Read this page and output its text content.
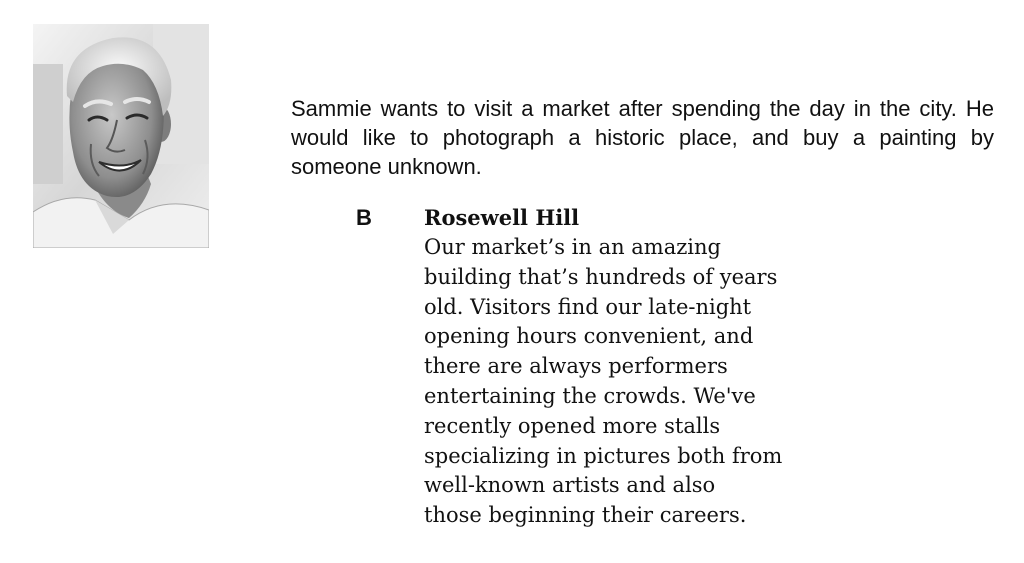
Sammie wants to visit a market after spending the day in the city. He would like to photograph a historic place, and buy a painting by someone unknown.

B Rosewell Hill
Our market’s in an amazing
building that’s hundreds of years
old. Visitors find our late-night
opening hours convenient, and
there are always performers
entertaining the crowds. We've
recently opened more stalls
specializing in pictures both from
well-known artists and also
those beginning their careers.
